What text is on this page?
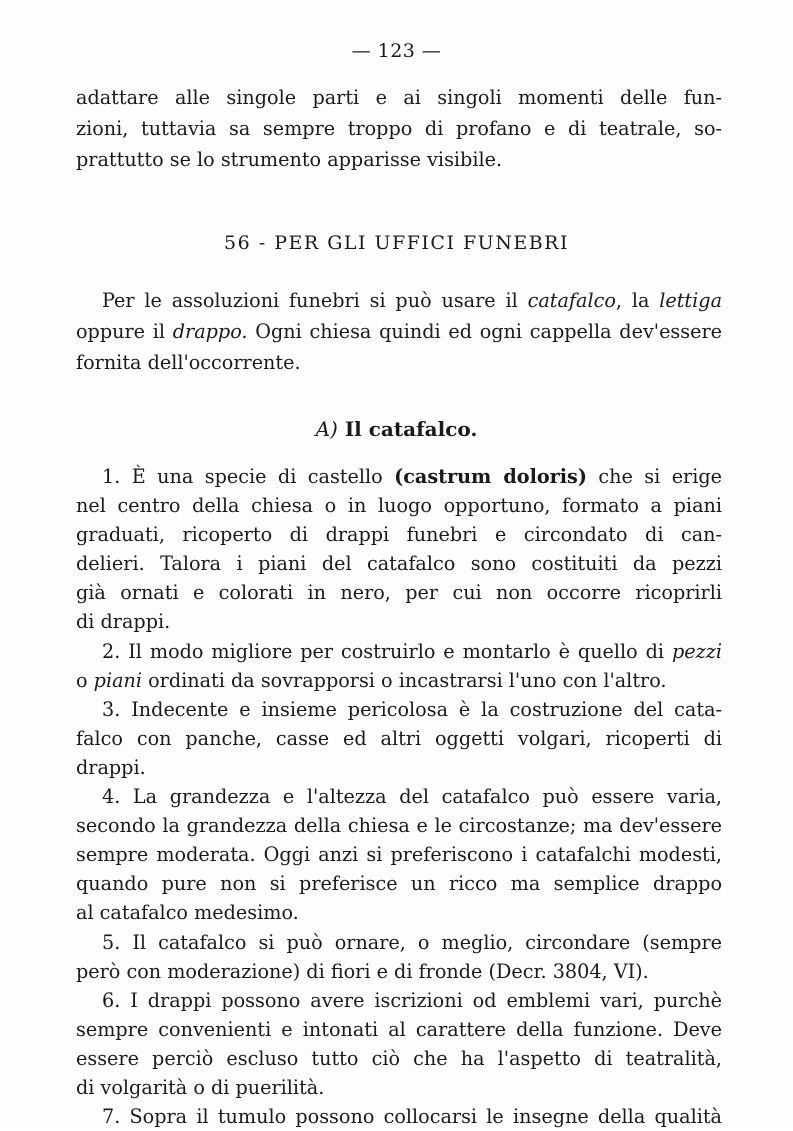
— 123 —
adattare alle singole parti e ai singoli momenti delle fun-
zioni, tuttavia sa sempre troppo di profano e di teatrale, so-
prattutto se lo strumento apparisse visibile.
56 - PER GLI UFFICI FUNEBRI
Per le assoluzioni funebri si può usare il catafalco, la lettiga
oppure il drappo. Ogni chiesa quindi ed ogni cappella dev'essere
fornita dell'occorrente.
A) Il catafalco.
1. È una specie di castello (castrum doloris) che si erige
nel centro della chiesa o in luogo opportuno, formato a piani
graduati, ricoperto di drappi funebri e circondato di can-
delieri. Talora i piani del catafalco sono costituiti da pezzi
già ornati e colorati in nero, per cui non occorre ricoprirli
di drappi.
2. Il modo migliore per costruirlo e montarlo è quello di pezzi
o piani ordinati da sovrapporsi o incastrarsi l'uno con l'altro.
3. Indecente e insieme pericolosa è la costruzione del cata-
falco con panche, casse ed altri oggetti volgari, ricoperti di
drappi.
4. La grandezza e l'altezza del catafalco può essere varia,
secondo la grandezza della chiesa e le circostanze; ma dev'essere
sempre moderata. Oggi anzi si preferiscono i catafalchi modesti,
quando pure non si preferisce un ricco ma semplice drappo
al catafalco medesimo.
5. Il catafalco si può ornare, o meglio, circondare (sempre
però con moderazione) di fiori e di fronde (Decr. 3804, VI).
6. I drappi possono avere iscrizioni od emblemi vari, purchè
sempre convenienti e intonati al carattere della funzione. Deve
essere perciò escluso tutto ciò che ha l'aspetto di teatralità,
di volgarità o di puerilità.
7. Sopra il tumulo possono collocarsi le insegne della qualità
